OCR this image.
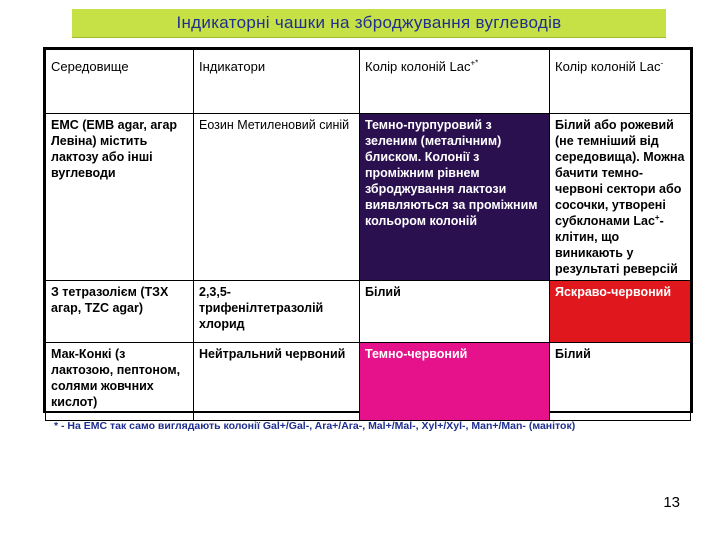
Індикаторні чашки на зброджування вуглеводів
Середовище	Індикатори	Колір колоній Lac+*	Колір колоній Lac-
ЕМС (EMB agar, агар Левіна) містить лактозу або інші вуглеводи	Еозин Метиленовий синій	Темно-пурпуровий з зеленим (металічним) блиском. Колонії з проміжним рівнем зброджування лактози виявляються за проміжним кольором колоній	Білий або рожевий (не темніший від середовища). Можна бачити темно-червоні сектори або сосочки, утворені субклонами Lac+-клітин, що виникають у результаті реверсій
З тетразолієм (ТЗХ агар, TZC agar)	2,3,5-трифенілтетразолій хлорид	Білий	Яскраво-червоний
Мак-Конкі (з лактозою, пептоном, солями жовчних кислот)	Нейтральний червоний	Темно-червоний	Білий
* - На ЕМС так само виглядають колонії Gal+/Gal-, Ara+/Ara-, Mal+/Mal-, Xyl+/Xyl-, Man+/Man- (маніток)
13
